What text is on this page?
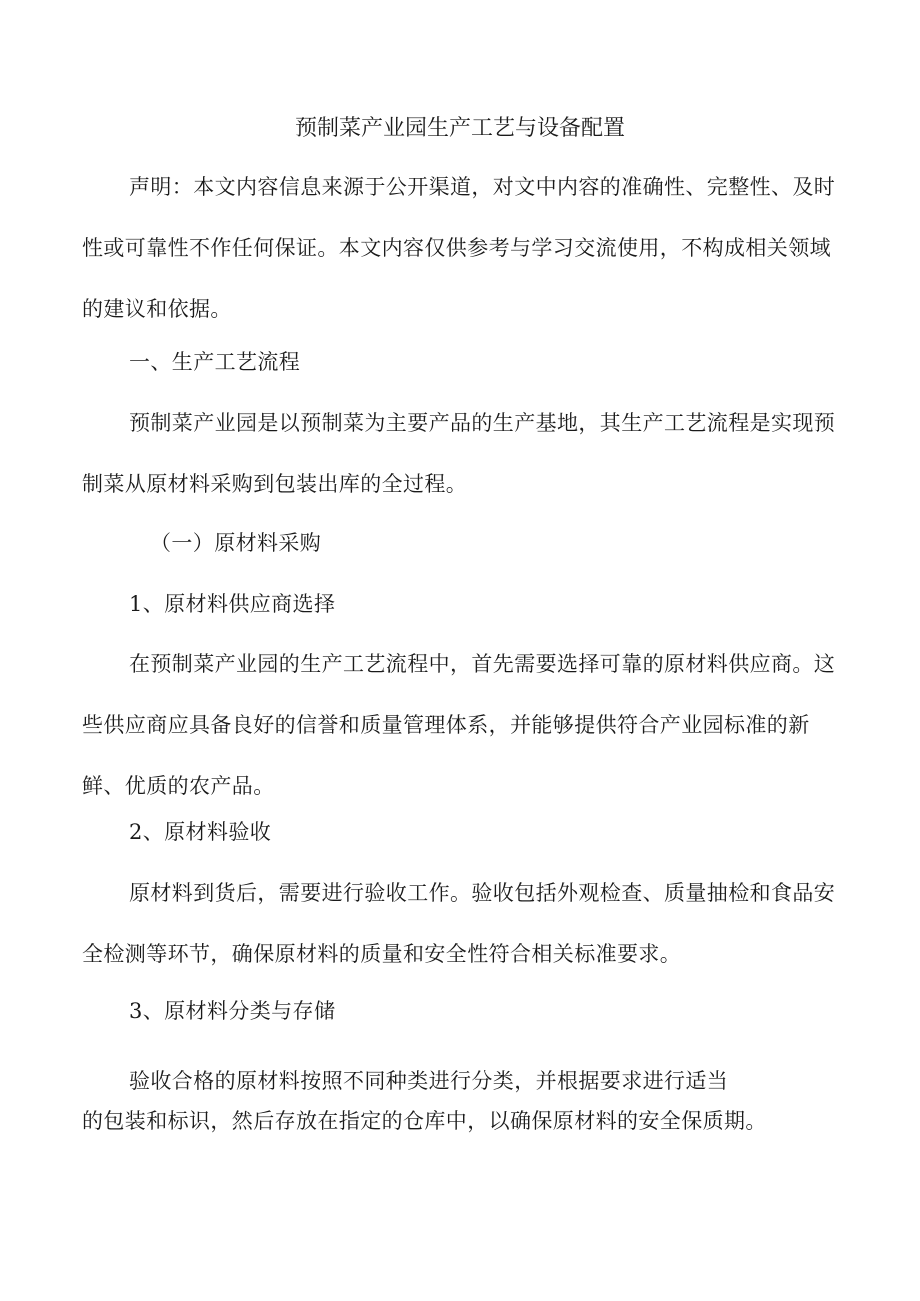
预制菜产业园生产工艺与设备配置

声明：本文内容信息来源于公开渠道，对文中内容的准确性、完整性、及时性或可靠性不作任何保证。本文内容仅供参考与学习交流使用，不构成相关领域的建议和依据。

一、生产工艺流程

预制菜产业园是以预制菜为主要产品的生产基地，其生产工艺流程是实现预制菜从原材料采购到包装出库的全过程。

（一）原材料采购

1、原材料供应商选择

在预制菜产业园的生产工艺流程中，首先需要选择可靠的原材料供应商。这些供应商应具备良好的信誉和质量管理体系，并能够提供符合产业园标准的新鲜、优质的农产品。

2、原材料验收

原材料到货后，需要进行验收工作。验收包括外观检查、质量抽检和食品安全检测等环节，确保原材料的质量和安全性符合相关标准要求。

3、原材料分类与存储

验收合格的原材料按照不同种类进行分类，并根据要求进行适当

的包装和标识，然后存放在指定的仓库中，以确保原材料的安全保质期。
